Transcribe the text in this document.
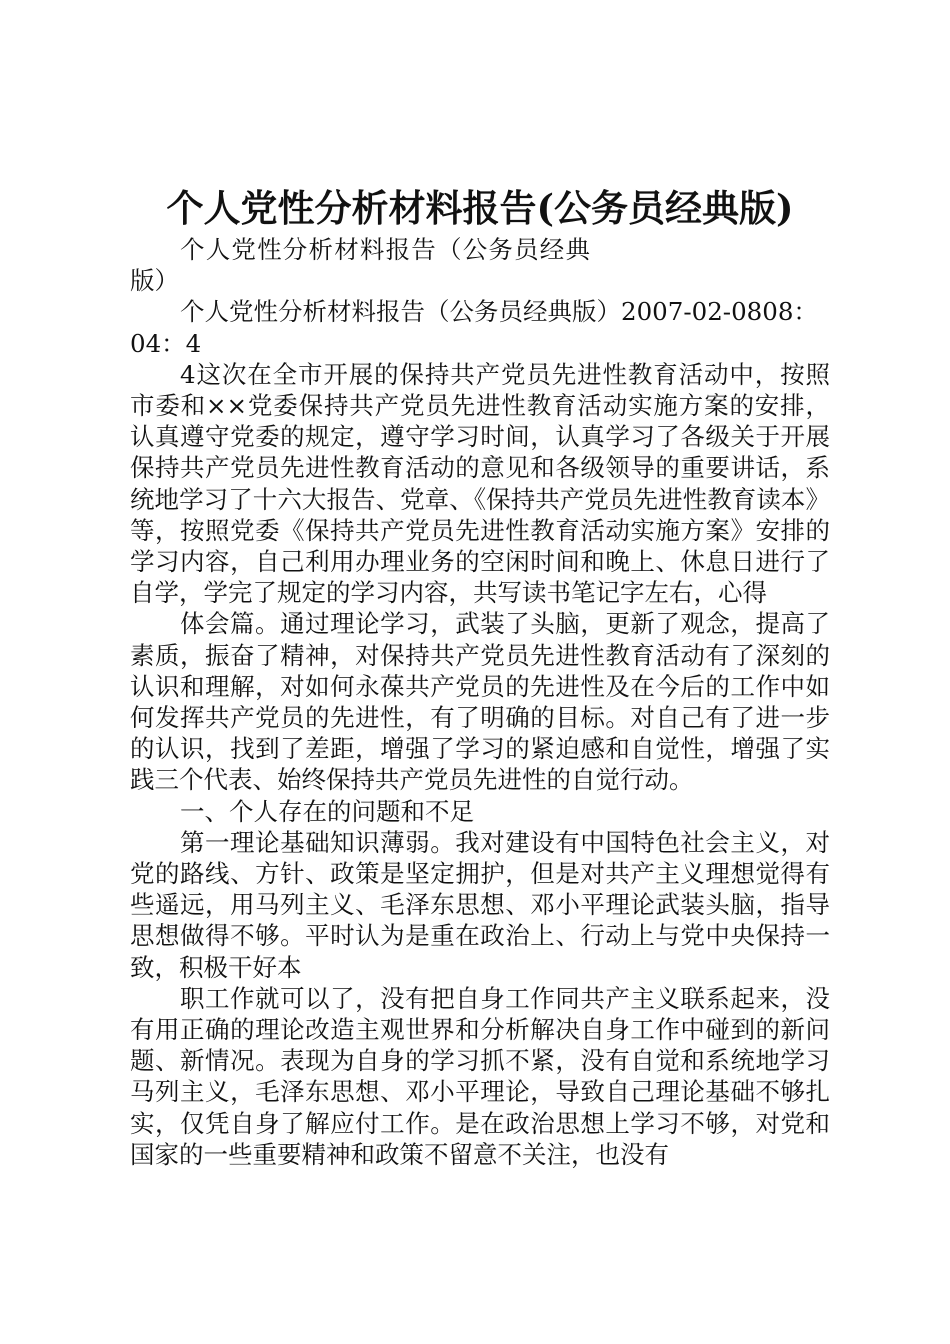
个人党性分析材料报告(公务员经典版)

个人党性分析材料报告（公务员经典版）

个人党性分析材料报告（公务员经典版）2007-02-0808：04：4

4这次在全市开展的保持共产党员先进性教育活动中，按照市委和××党委保持共产党员先进性教育活动实施方案的安排，认真遵守党委的规定，遵守学习时间，认真学习了各级关于开展保持共产党员先进性教育活动的意见和各级领导的重要讲话，系统地学习了十六大报告、党章、《保持共产党员先进性教育读本》等，按照党委《保持共产党员先进性教育活动实施方案》安排的学习内容，自己利用办理业务的空闲时间和晚上、休息日进行了自学，学完了规定的学习内容，共写读书笔记字左右，心得

体会篇。通过理论学习，武装了头脑，更新了观念，提高了素质，振奋了精神，对保持共产党员先进性教育活动有了深刻的认识和理解，对如何永葆共产党员的先进性及在今后的工作中如何发挥共产党员的先进性，有了明确的目标。对自己有了进一步的认识，找到了差距，增强了学习的紧迫感和自觉性，增强了实践三个代表、始终保持共产党员先进性的自觉行动。

一、个人存在的问题和不足

第一理论基础知识薄弱。我对建设有中国特色社会主义，对党的路线、方针、政策是坚定拥护，但是对共产主义理想觉得有些遥远，用马列主义、毛泽东思想、邓小平理论武装头脑，指导思想做得不够。平时认为是重在政治上、行动上与党中央保持一致，积极干好本

职工作就可以了，没有把自身工作同共产主义联系起来，没有用正确的理论改造主观世界和分析解决自身工作中碰到的新问题、新情况。表现为自身的学习抓不紧，没有自觉和系统地学习马列主义，毛泽东思想、邓小平理论，导致自己理论基础不够扎实，仅凭自身了解应付工作。是在政治思想上学习不够，对党和国家的一些重要精神和政策不留意不关注，也没有
